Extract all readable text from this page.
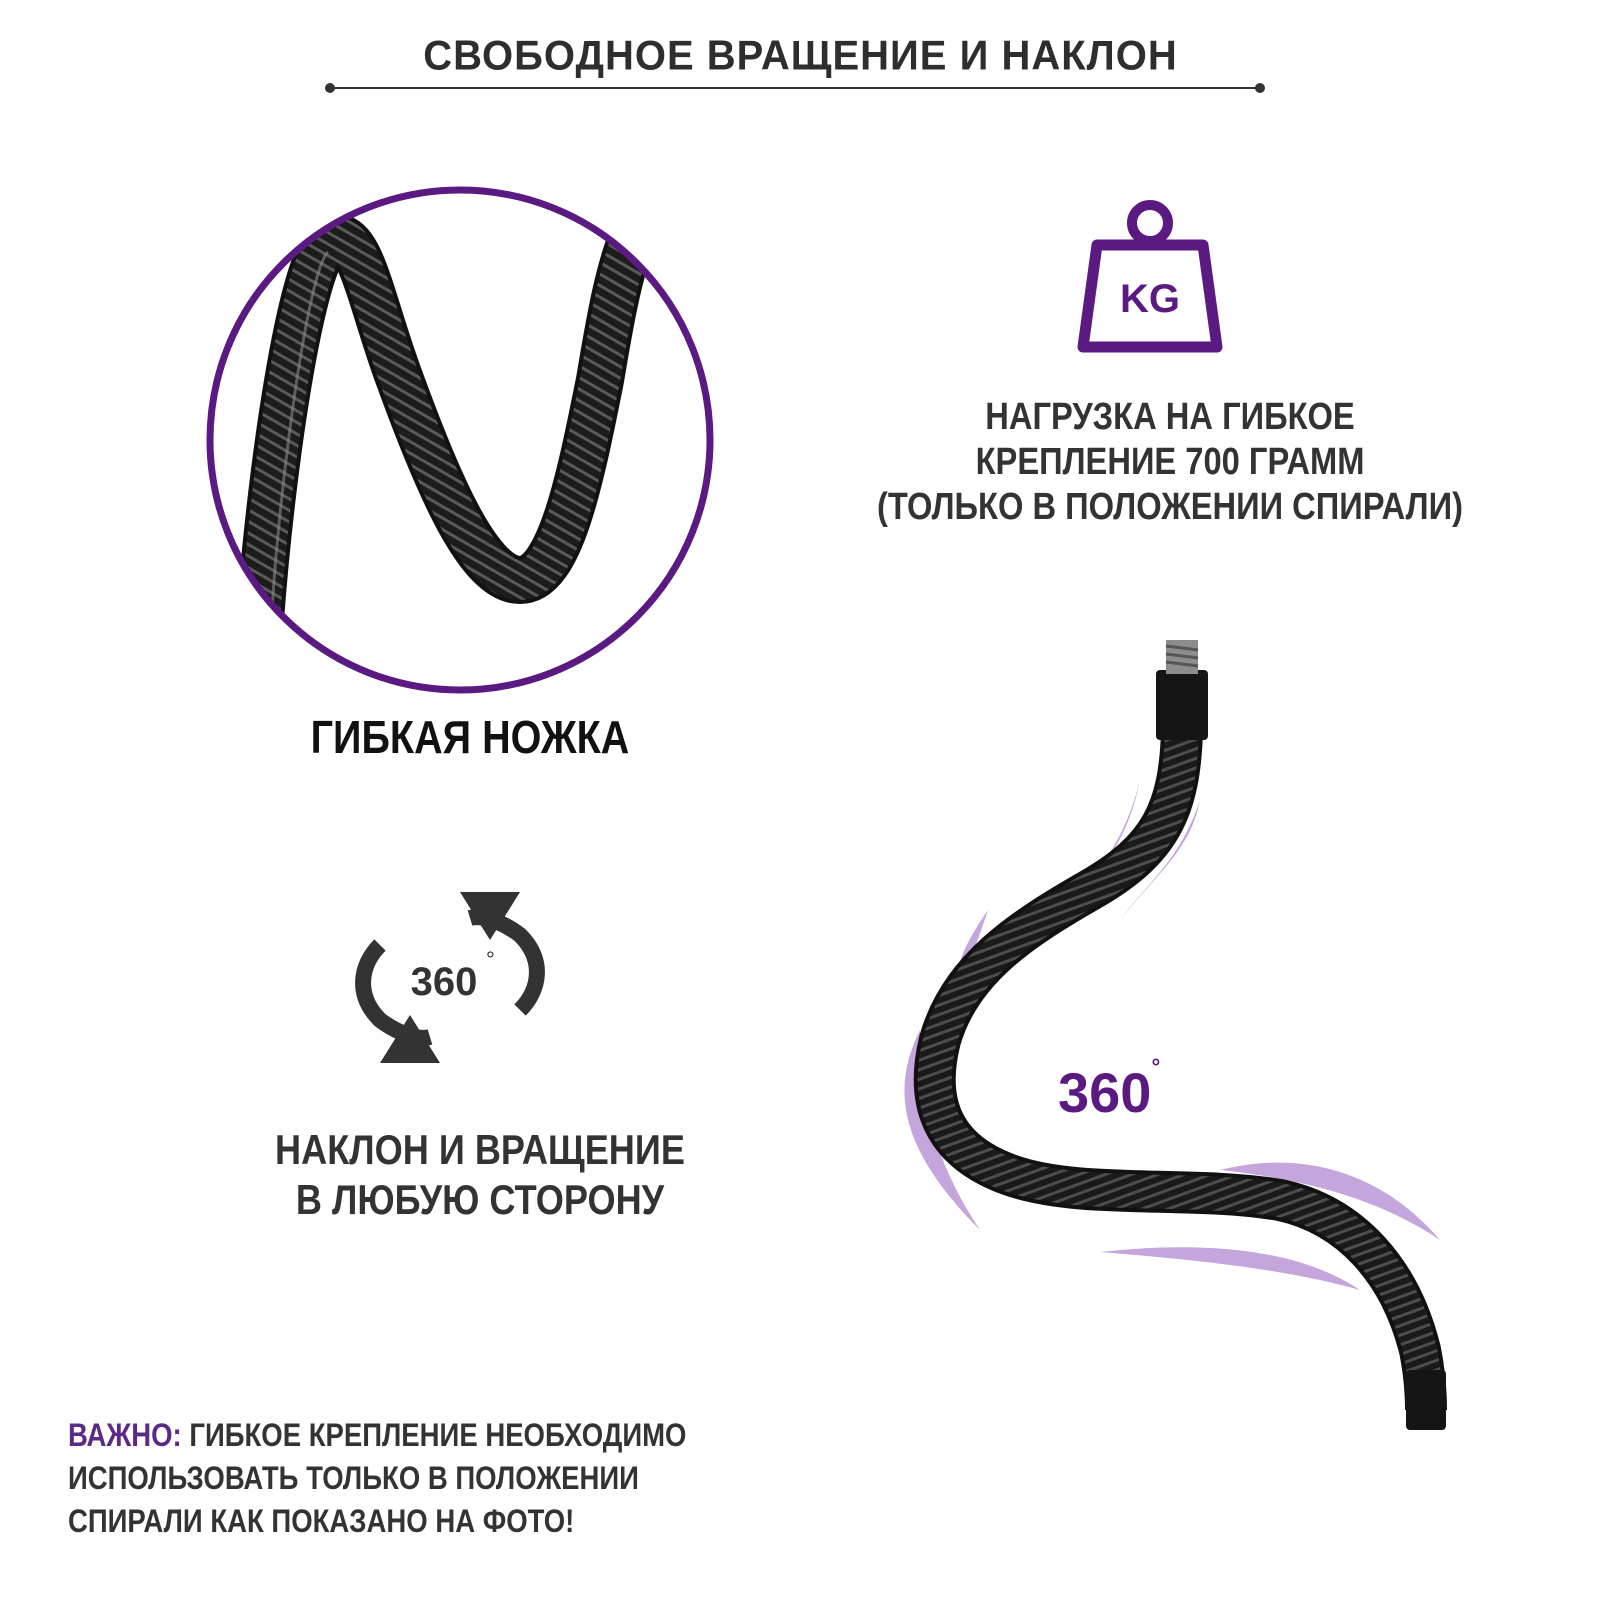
СВОБОДНОЕ ВРАЩЕНИЕ И НАКЛОН
ГИБКАЯ НОЖКА
KG
НАГРУЗКА НА ГИБКОЕ
КРЕПЛЕНИЕ 700 ГРАММ
(ТОЛЬКО В ПОЛОЖЕНИИ СПИРАЛИ)
360
°
НАКЛОН И ВРАЩЕНИЕ
В ЛЮБУЮ СТОРОНУ
360°
ВАЖНО: ГИБКОЕ КРЕПЛЕНИЕ НЕОБХОДИМО ИСПОЛЬЗОВАТЬ ТОЛЬКО В ПОЛОЖЕНИИ СПИРАЛИ КАК ПОКАЗАНО НА ФОТО!
